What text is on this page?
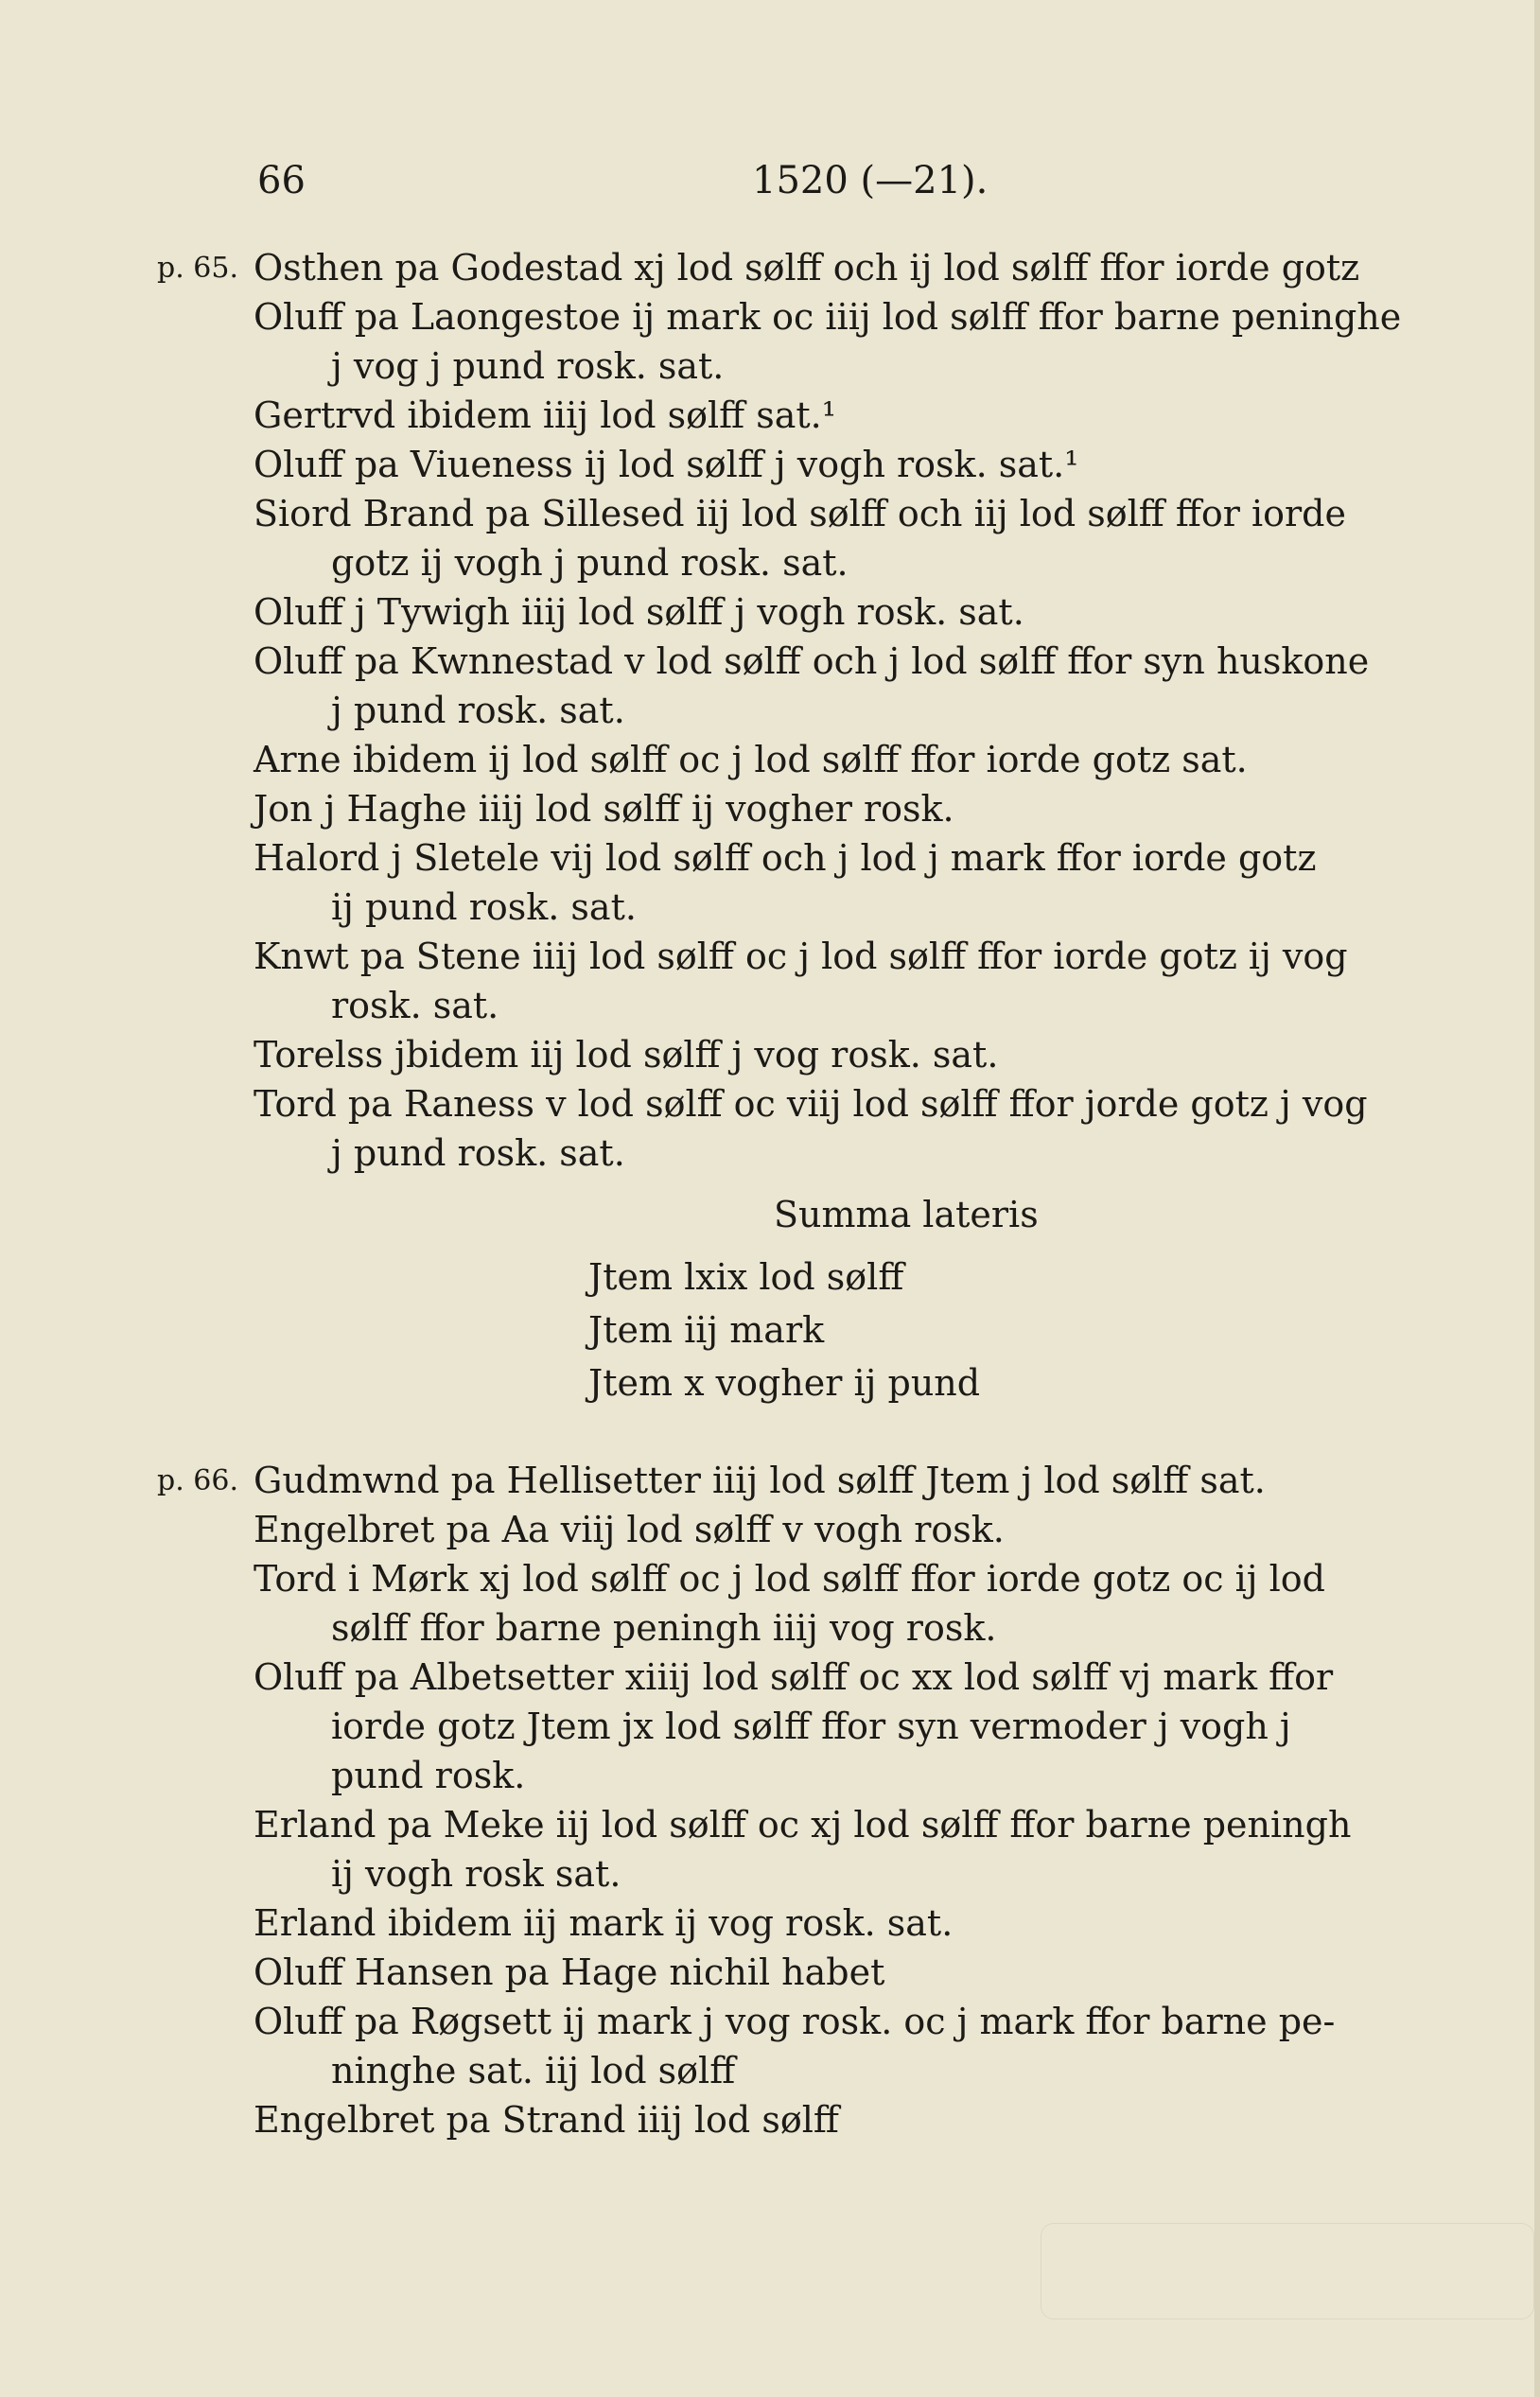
66	1520 (—21).
p. 65. Osthen pa Godestad xj lod sølff och ij lod sølff ffor iorde gotz
Oluff pa Laongestoe ij mark oc iiij lod sølff ffor barne peninghe
j vog j pund rosk. sat.
Gertrvd ibidem iiij lod sølff sat.¹
Oluff pa Viueness ij lod sølff j vogh rosk. sat.¹
Siord Brand pa Sillesed iij lod sølff och iij lod sølff ffor iorde
gotz ij vogh j pund rosk. sat.
Oluff j Tywigh iiij lod sølff j vogh rosk. sat.
Oluff pa Kwnnestad v lod sølff och j lod sølff ffor syn huskone
j pund rosk. sat.
Arne ibidem ij lod sølff oc j lod sølff ffor iorde gotz sat.
Jon j Haghe iiij lod sølff ij vogher rosk.
Halord j Sletele vij lod sølff och j lod j mark ffor iorde gotz
ij pund rosk. sat.
Knwt pa Stene iiij lod sølff oc j lod sølff ffor iorde gotz ij vog
rosk. sat.
Torelss jbidem iij lod sølff j vog rosk. sat.
Tord pa Raness v lod sølff oc viij lod sølff ffor jorde gotz j vog
j pund rosk. sat.
Summa lateris
Jtem lxix lod sølff
Jtem iij mark
Jtem x vogher ij pund
p. 66. Gudmwnd pa Hellisetter iiij lod sølff Jtem j lod sølff sat.
Engelbret pa Aa viij lod sølff v vogh rosk.
Tord i Mørk xj lod sølff oc j lod sølff ffor iorde gotz oc ij lod
sølff ffor barne peningh iiij vog rosk.
Oluff pa Albetsetter xiiij lod sølff oc xx lod sølff vj mark ffor
iorde gotz Jtem jx lod sølff ffor syn vermoder j vogh j
pund rosk.
Erland pa Meke iij lod sølff oc xj lod sølff ffor barne peningh
ij vogh rosk sat.
Erland ibidem iij mark ij vog rosk. sat.
Oluff Hansen pa Hage nichil habet
Oluff pa Røgsett ij mark j vog rosk. oc j mark ffor barne pe-
ninghe sat. iij lod sølff
Engelbret pa Strand iiij lod sølff
